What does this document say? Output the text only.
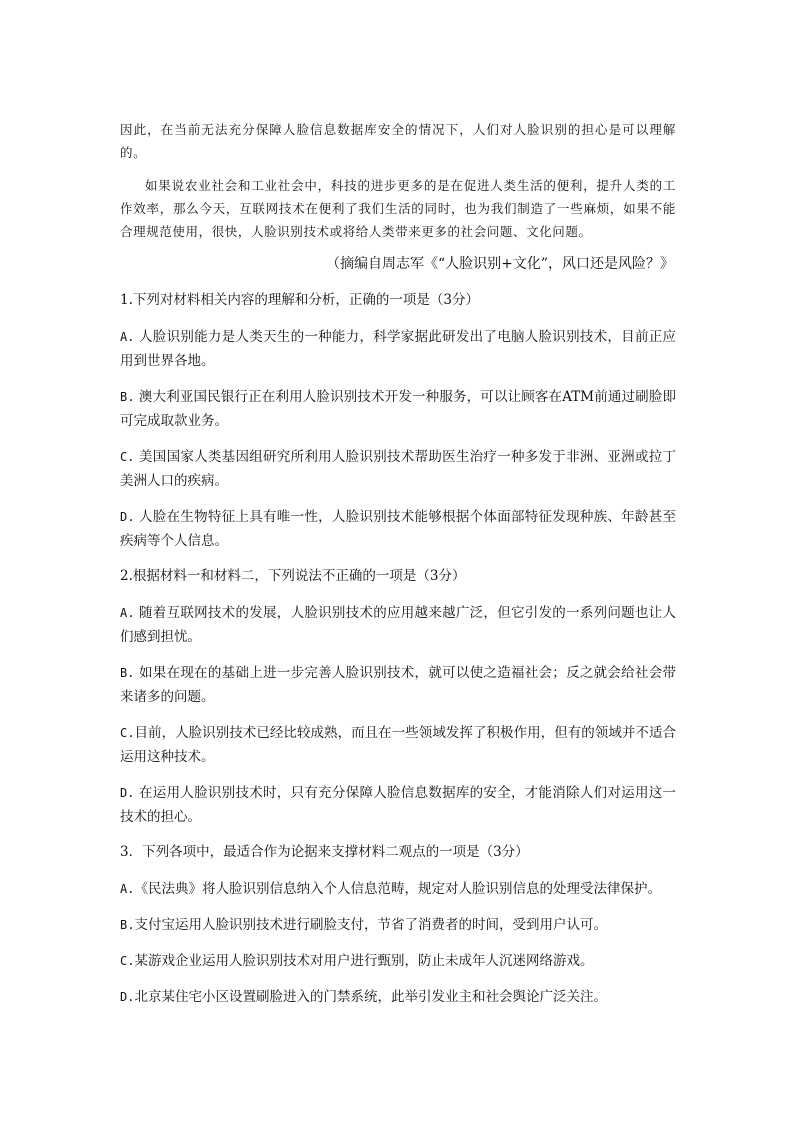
因此，在当前无法充分保障人脸信息数据库安全的情况下，人们对人脸识别的担心是可以理解的。

如果说农业社会和工业社会中，科技的进步更多的是在促进人类生活的便利，提升人类的工作效率，那么今天，互联网技术在便利了我们生活的同时，也为我们制造了一些麻烦，如果不能合理规范使用，很快，人脸识别技术或将给人类带来更多的社会问题、文化问题。

（摘编自周志军《“人脸识别+文化”，风口还是风险？》

1.下列对材料相关内容的理解和分析，正确的一项是（3分）

A. 人脸识别能力是人类天生的一种能力，科学家据此研发出了电脑人脸识别技术，目前正应用到世界各地。

B. 澳大利亚国民银行正在利用人脸识别技术开发一种服务，可以让顾客在ATM前通过刷脸即可完成取款业务。

C. 美国国家人类基因组研究所利用人脸识别技术帮助医生治疗一种多发于非洲、亚洲或拉丁美洲人口的疾病。

D. 人脸在生物特征上具有唯一性，人脸识别技术能够根据个体面部特征发现种族、年龄甚至疾病等个人信息。

2.根据材料一和材料二，下列说法不正确的一项是（3分）

A. 随着互联网技术的发展，人脸识别技术的应用越来越广泛，但它引发的一系列问题也让人们感到担忧。

B. 如果在现在的基础上进一步完善人脸识别技术，就可以使之造福社会；反之就会给社会带来诸多的问题。

C.目前，人脸识别技术已经比较成熟，而且在一些领域发挥了积极作用，但有的领域并不适合运用这种技术。

D. 在运用人脸识别技术时，只有充分保障人脸信息数据库的安全，才能消除人们对运用这一技术的担心。

3．下列各项中，最适合作为论据来支撑材料二观点的一项是（3分）

A.《民法典》将人脸识别信息纳入个人信息范畴，规定对人脸识别信息的处理受法律保护。

B.支付宝运用人脸识别技术进行刷脸支付，节省了消费者的时间，受到用户认可。

C.某游戏企业运用人脸识别技术对用户进行甄别，防止未成年人沉迷网络游戏。

D.北京某住宅小区设置刷脸进入的门禁系统，此举引发业主和社会舆论广泛关注。
